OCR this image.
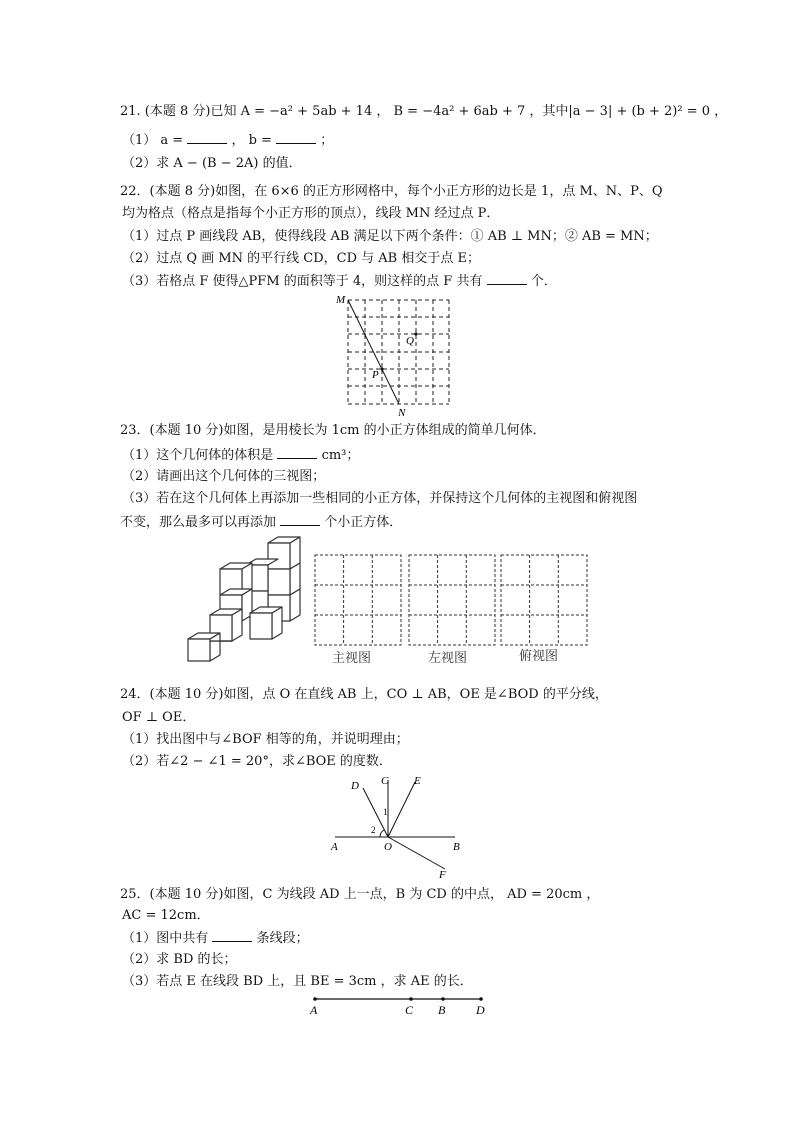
21. (本题 8 分)已知 A = −a² + 5ab + 14 ， B = −4a² + 6ab + 7 ，其中|a − 3| + (b + 2)² = 0 ，
（1） a =	， b =	；
（2）求 A − (B − 2A) 的值．
22．(本题 8 分)如图，在 6×6 的正方形网格中，每个小正方形的边长是 1，点 M、N、P、Q
均为格点（格点是指每个小正方形的顶点），线段 MN 经过点 P．
（1）过点 P 画线段 AB，使得线段 AB 满足以下两个条件：① AB ⊥ MN；② AB = MN；
（2）过点 Q 画 MN 的平行线 CD，CD 与 AB 相交于点 E；
（3）若格点 F 使得△PFM 的面积等于 4，则这样的点 F 共有	个．
M
N
P
Q
23．(本题 10 分)如图，是用棱长为 1cm 的小正方体组成的简单几何体．
（1）这个几何体的体积是	cm³；
（2）请画出这个几何体的三视图；
（3）若在这个几何体上再添加一些相同的小正方体，并保持这个几何体的主视图和俯视图
不变，那么最多可以再添加	个小正方体．
主视图	左视图	俯视图
24．(本题 10 分)如图，点 O 在直线 AB 上，CO ⊥ AB，OE 是∠BOD 的平分线，
OF ⊥ OE．
（1）找出图中与∠BOF 相等的角，并说明理由；
（2）若∠2 − ∠1 = 20°，求∠BOE 的度数．
A	B
C
D	E
F
O
1
2
25．(本题 10 分)如图，C 为线段 AD 上一点，B 为 CD 的中点， AD = 20cm ，
AC = 12cm．
（1）图中共有	条线段；
（2）求 BD 的长；
（3）若点 E 在线段 BD 上，且 BE = 3cm ，求 AE 的长．
A	C B	D
